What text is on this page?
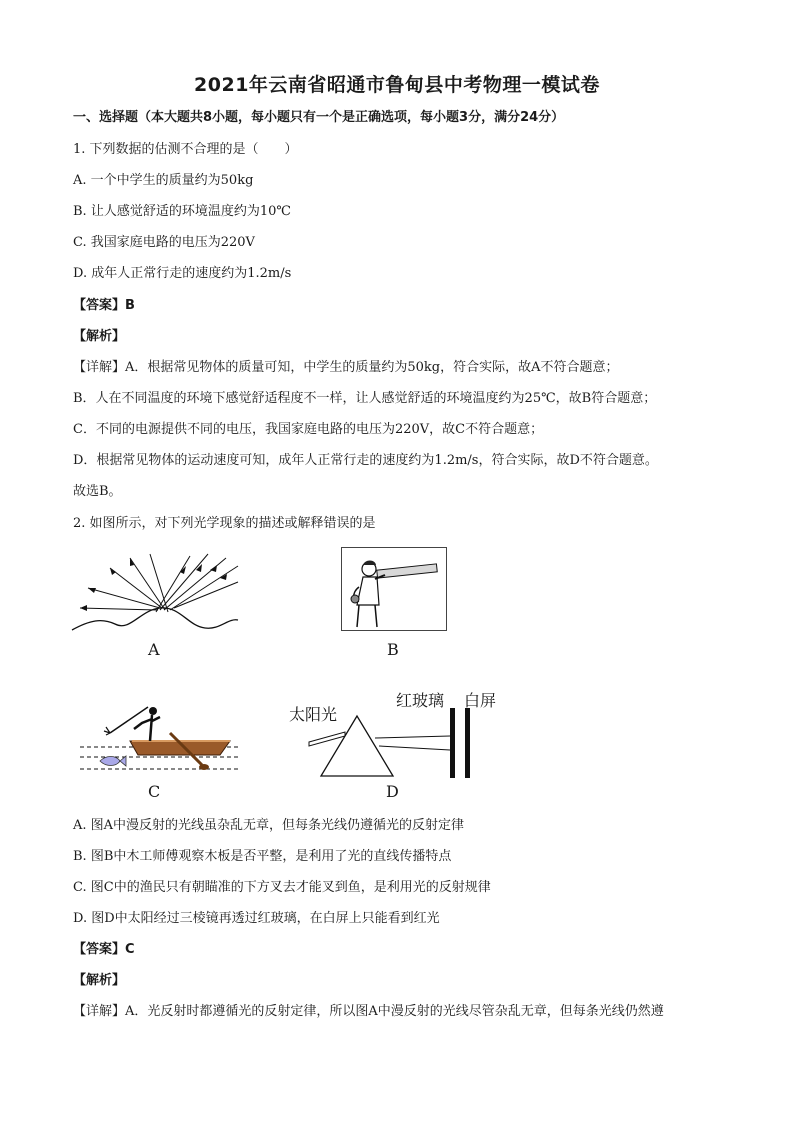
2021年云南省昭通市鲁甸县中考物理一模试卷
一、选择题（本大题共8小题，每小题只有一个是正确选项，每小题3分，满分24分）
1. 下列数据的估测不合理的是（　　）
A. 一个中学生的质量约为50kg
B. 让人感觉舒适的环境温度约为10℃
C. 我国家庭电路的电压为220V
D. 成年人正常行走的速度约为1.2m/s
【答案】B
【解析】
【详解】A．根据常见物体的质量可知，中学生的质量约为50kg，符合实际，故A不符合题意；
B．人在不同温度的环境下感觉舒适程度不一样，让人感觉舒适的环境温度约为25℃，故B符合题意；
C．不同的电源提供不同的电压，我国家庭电路的电压为220V，故C不符合题意；
D．根据常见物体的运动速度可知，成年人正常行走的速度约为1.2m/s，符合实际，故D不符合题意。
故选B。
2. 如图所示，对下列光学现象的描述或解释错误的是
A	B
C
太阳光
红玻璃 白屏
D
A. 图A中漫反射的光线虽杂乱无章，但每条光线仍遵循光的反射定律
B. 图B中木工师傅观察木板是否平整，是利用了光的直线传播特点
C. 图C中的渔民只有朝瞄准的下方叉去才能叉到鱼，是利用光的反射规律
D. 图D中太阳经过三棱镜再透过红玻璃，在白屏上只能看到红光
【答案】C
【解析】
【详解】A．光反射时都遵循光的反射定律，所以图A中漫反射的光线尽管杂乱无章，但每条光线仍然遵
